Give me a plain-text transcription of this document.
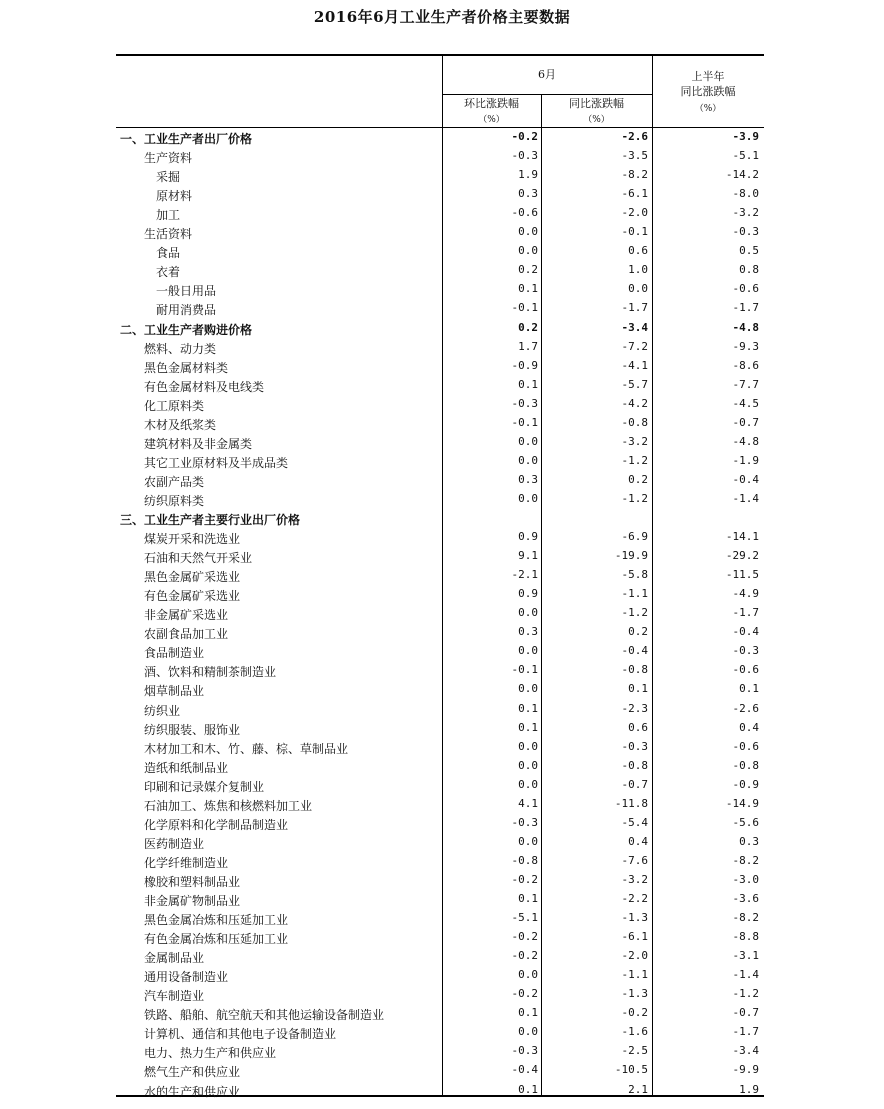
2016年6月工业生产者价格主要数据
6月
环比涨跌幅
（%）
同比涨跌幅
（%）
上半年
同比涨跌幅
（%）
一、工业生产者出厂价格	-0.2	-2.6	-3.9
生产资料	-0.3	-3.5	-5.1
采掘	1.9	-8.2	-14.2
原材料	0.3	-6.1	-8.0
加工	-0.6	-2.0	-3.2
生活资料	0.0	-0.1	-0.3
食品	0.0	0.6	0.5
衣着	0.2	1.0	0.8
一般日用品	0.1	0.0	-0.6
耐用消费品	-0.1	-1.7	-1.7
二、工业生产者购进价格	0.2	-3.4	-4.8
燃料、动力类	1.7	-7.2	-9.3
黑色金属材料类	-0.9	-4.1	-8.6
有色金属材料及电线类	0.1	-5.7	-7.7
化工原料类	-0.3	-4.2	-4.5
木材及纸浆类	-0.1	-0.8	-0.7
建筑材料及非金属类	0.0	-3.2	-4.8
其它工业原材料及半成品类	0.0	-1.2	-1.9
农副产品类	0.3	0.2	-0.4
纺织原料类	0.0	-1.2	-1.4
三、工业生产者主要行业出厂价格
煤炭开采和洗选业	0.9	-6.9	-14.1
石油和天然气开采业	9.1	-19.9	-29.2
黑色金属矿采选业	-2.1	-5.8	-11.5
有色金属矿采选业	0.9	-1.1	-4.9
非金属矿采选业	0.0	-1.2	-1.7
农副食品加工业	0.3	0.2	-0.4
食品制造业	0.0	-0.4	-0.3
酒、饮料和精制茶制造业	-0.1	-0.8	-0.6
烟草制品业	0.0	0.1	0.1
纺织业	0.1	-2.3	-2.6
纺织服装、服饰业	0.1	0.6	0.4
木材加工和木、竹、藤、棕、草制品业	0.0	-0.3	-0.6
造纸和纸制品业	0.0	-0.8	-0.8
印刷和记录媒介复制业	0.0	-0.7	-0.9
石油加工、炼焦和核燃料加工业	4.1	-11.8	-14.9
化学原料和化学制品制造业	-0.3	-5.4	-5.6
医药制造业	0.0	0.4	0.3
化学纤维制造业	-0.8	-7.6	-8.2
橡胶和塑料制品业	-0.2	-3.2	-3.0
非金属矿物制品业	0.1	-2.2	-3.6
黑色金属冶炼和压延加工业	-5.1	-1.3	-8.2
有色金属冶炼和压延加工业	-0.2	-6.1	-8.8
金属制品业	-0.2	-2.0	-3.1
通用设备制造业	0.0	-1.1	-1.4
汽车制造业	-0.2	-1.3	-1.2
铁路、船舶、航空航天和其他运输设备制造业	0.1	-0.2	-0.7
计算机、通信和其他电子设备制造业	0.0	-1.6	-1.7
电力、热力生产和供应业	-0.3	-2.5	-3.4
燃气生产和供应业	-0.4	-10.5	-9.9
水的生产和供应业	0.1	2.1	1.9
